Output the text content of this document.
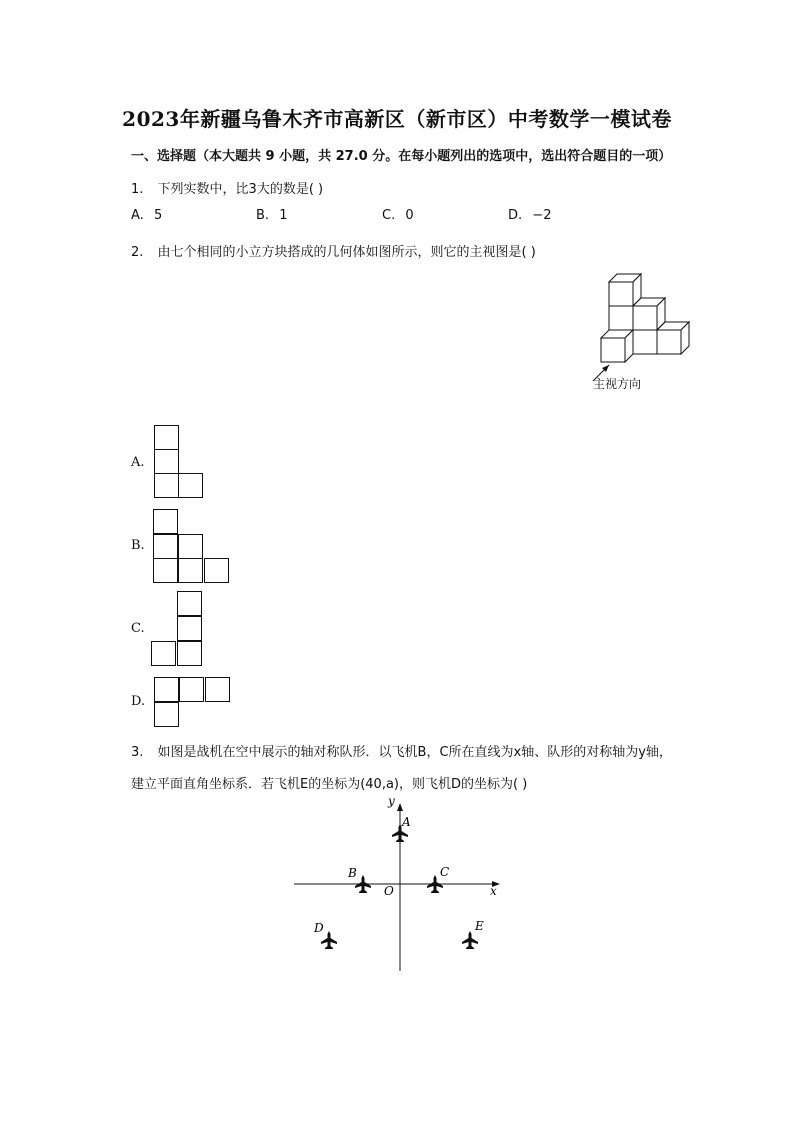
2023年新疆乌鲁木齐市高新区（新市区）中考数学一模试卷
一、选择题（本大题共 9 小题，共 27.0 分。在每小题列出的选项中，选出符合题目的一项）
1. 下列实数中，比3大的数是( )
A. 5	B. 1	C. 0	D. −2
2. 由七个相同的小立方块搭成的几何体如图所示，则它的主视图是( )
主视方向
A.
B.
C.
D.
3. 如图是战机在空中展示的轴对称队形．以飞机B，C所在直线为x轴、队形的对称轴为y轴，
建立平面直角坐标系．若飞机E的坐标为(40,a)，则飞机D的坐标为( )
x
y
O
A
B	C
D	E
